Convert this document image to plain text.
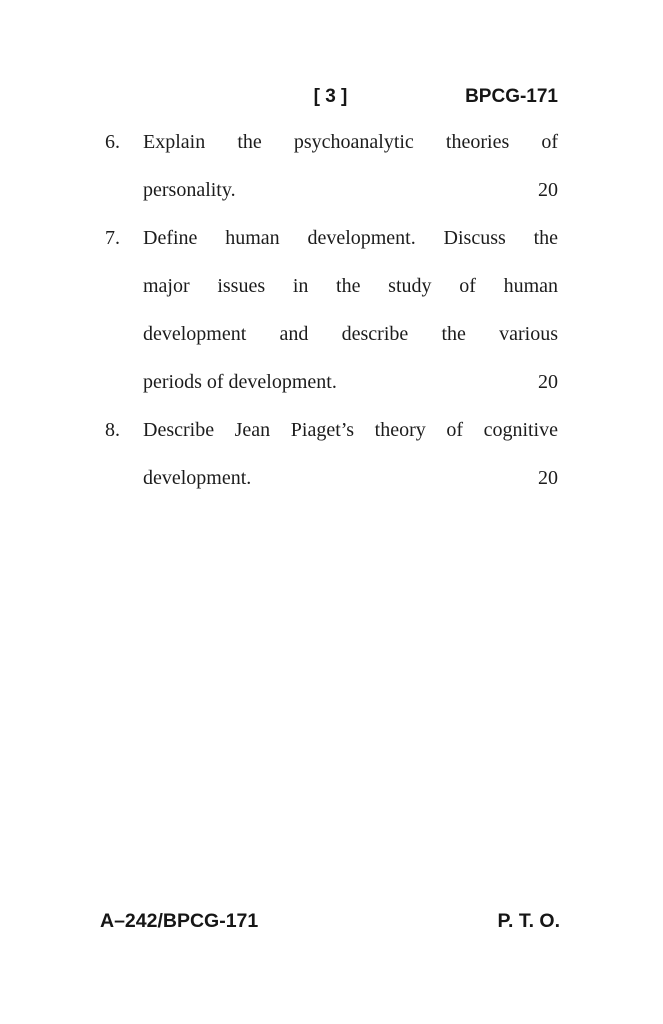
[ 3 ]	BPCG-171
6.	Explain the psychoanalytic theories of
personality.	20
7.	Define human development. Discuss the
major issues in the study of human
development and describe the various
periods of development.	20
8.	Describe Jean Piaget’s theory of cognitive
development.	20
A–242/BPCG-171	P. T. O.
